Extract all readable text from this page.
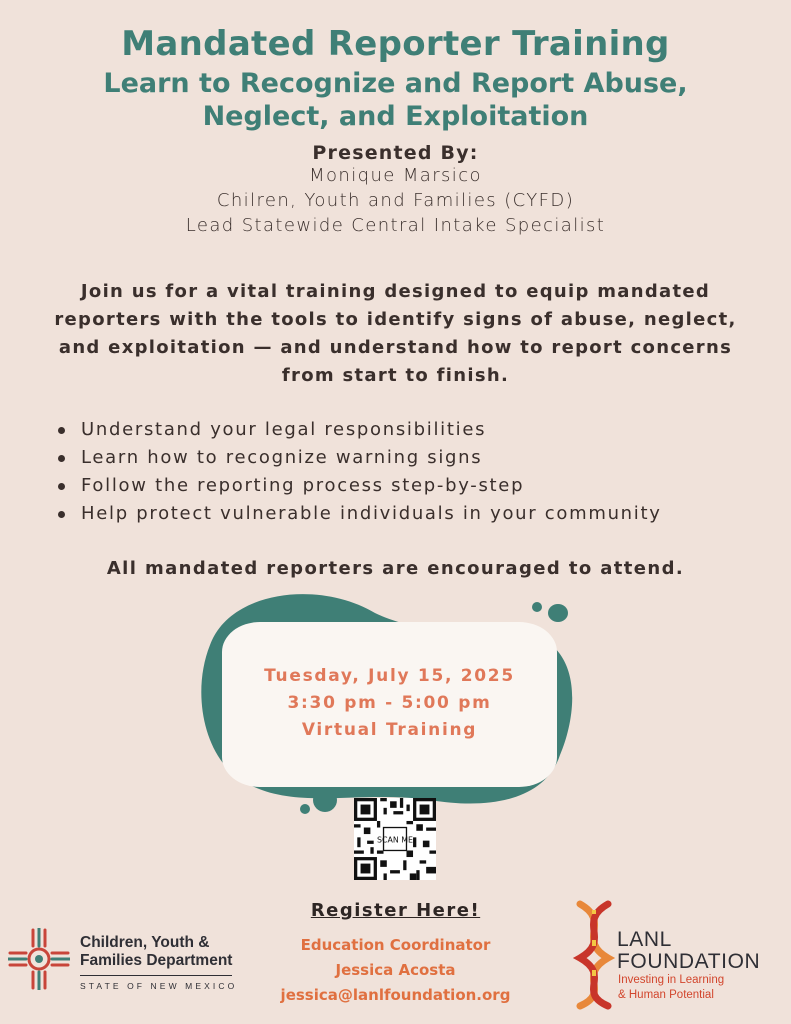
Mandated Reporter Training
Learn to Recognize and Report Abuse,
Neglect, and Exploitation
Presented By:
Monique Marsico
Chilren, Youth and Families (CYFD)
Lead Statewide Central Intake Specialist
Join us for a vital training designed to equip mandated
reporters with the tools to identify signs of abuse, neglect,
and exploitation — and understand how to report concerns
from start to finish.
Understand your legal responsibilities
Learn how to recognize warning signs
Follow the reporting process step-by-step
Help protect vulnerable individuals in your community
All mandated reporters are encouraged to attend.
Tuesday, July 15, 2025
3:30 pm - 5:00 pm
Virtual Training
SCAN ME
Register Here!
Education Coordinator
Jessica Acosta
jessica@lanlfoundation.org
Children, Youth &
Families Department
STATE OF NEW MEXICO
LANL
FOUNDATION
Investing in Learning
& Human Potential
